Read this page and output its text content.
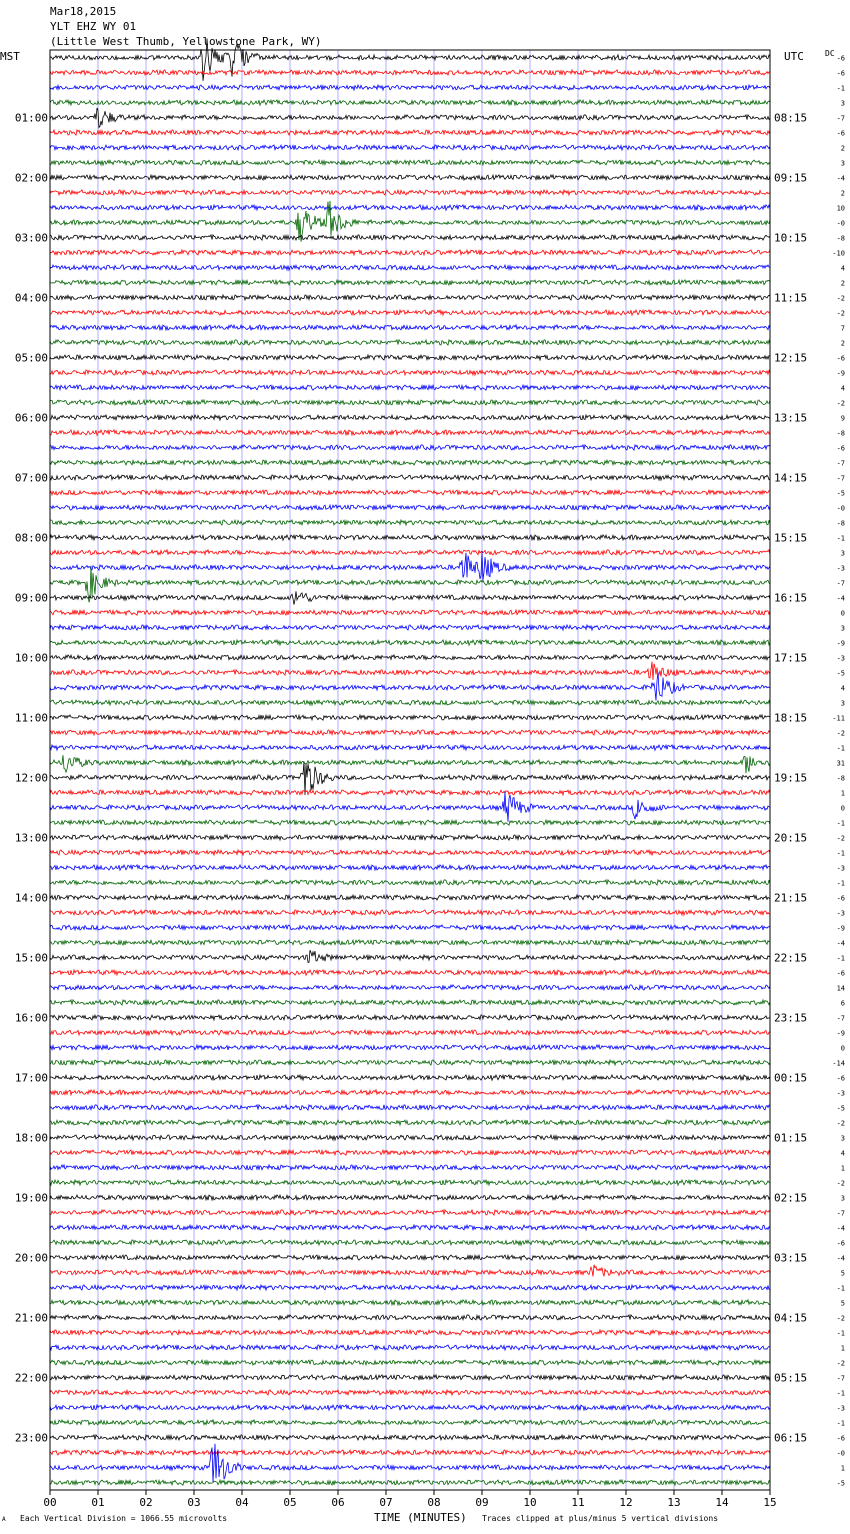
01:00
02:00
03:00
04:00
05:00
06:00
07:00
08:00
09:00
10:00
11:00
12:00
13:00
14:00
15:00
16:00
17:00
18:00
19:00
20:00
21:00
22:00
23:00
08:15
09:15
10:15
11:15
12:15
13:15
14:15
15:15
16:15
17:15
18:15
19:15
20:15
21:15
22:15
23:15
00:15
01:15
02:15
03:15
04:15
05:15
06:15
-6
-6
-1
3
-7
-6
2
3
-4
2
10
-0
-8
-10
4
2
-2
-2
7
2
-6
-9
4
-2
9
-8
-6
-7
-7
-5
-0
-8
-1
3
-3
-7
-4
0
3
-9
-3
-5
4
3
-11
-2
-1
31
-8
1
0
-1
-2
-1
-3
-1
-6
-3
-9
-4
-1
-6
14
6
-7
-9
0
-14
-6
-3
-5
-2
3
4
1
-2
3
-7
-4
-6
-4
5
-1
5
-2
-1
1
-2
-7
-1
-3
-1
-6
-0
1
-5
00	01	02	03	04	05	06	07	08	09	10	11	12	13	14	15
Mar18,2015
YLT EHZ WY 01
(Little West Thumb, Yellowstone Park, WY)
MST	UTC	DC
A Each Vertical Division = 1066.55 microvolts	TIME (MINUTES) Traces clipped at plus/minus 5 vertical divisions
